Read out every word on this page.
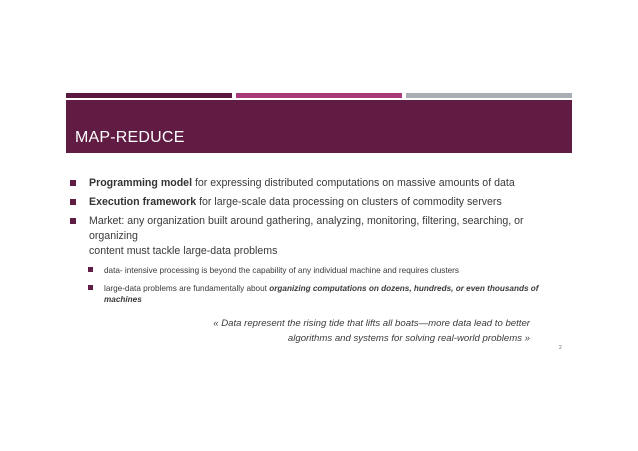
MAP-REDUCE
Programming model for expressing distributed computations on massive amounts of data
Execution framework for large-scale data processing on clusters of commodity servers
Market: any organization built around gathering, analyzing, monitoring, filtering, searching, or organizing
content must tackle large-data problems
data- intensive processing is beyond the capability of any individual machine and requires clusters
large-data problems are fundamentally about organizing computations on dozens, hundreds, or even thousands of
machines
« Data represent the rising tide that lifts all boats—more data lead to better
algorithms and systems for solving real-world problems »
2
